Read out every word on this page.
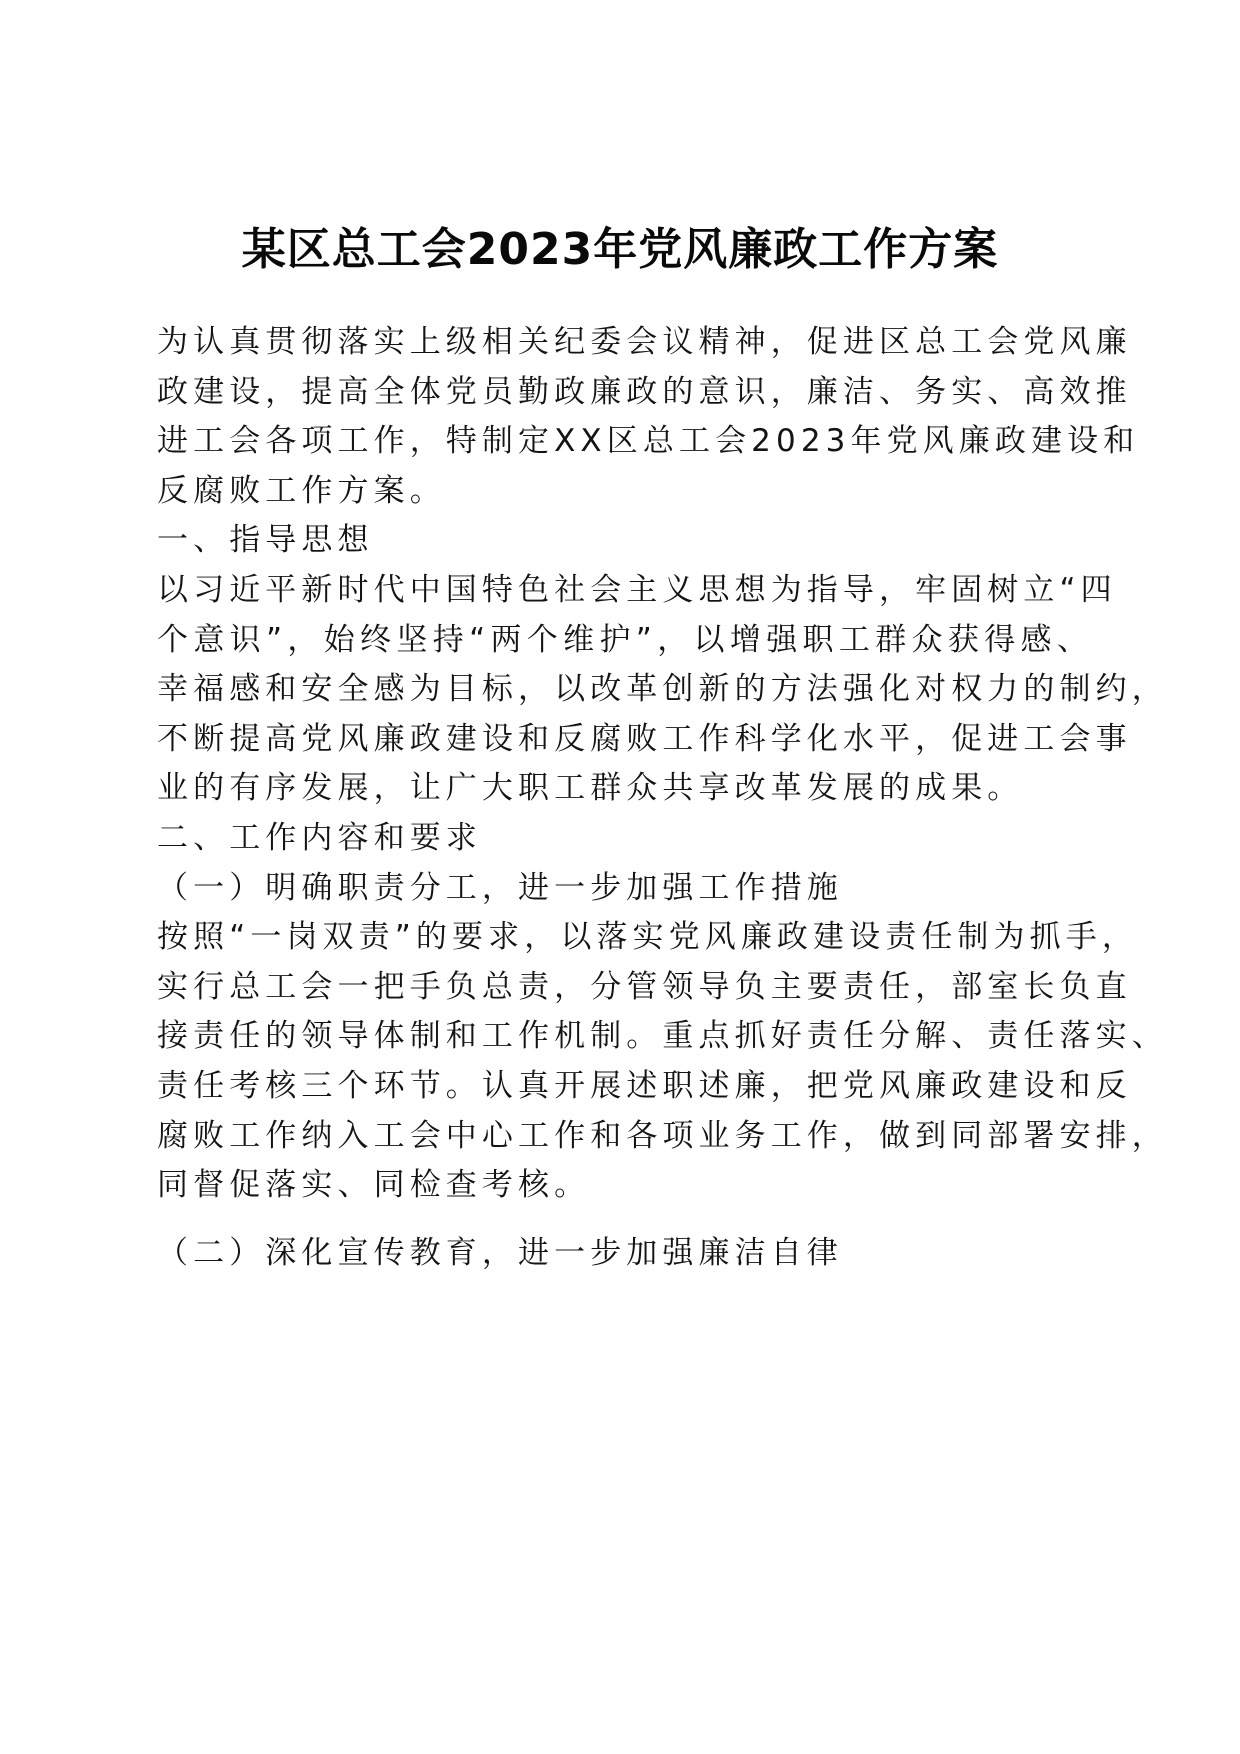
某区总工会2023年党风廉政工作方案
为认真贯彻落实上级相关纪委会议精神，促进区总工会党风廉
政建设，提高全体党员勤政廉政的意识，廉洁、务实、高效推
进工会各项工作，特制定XX区总工会2023年党风廉政建设和
反腐败工作方案。
一、指导思想
以习近平新时代中国特色社会主义思想为指导，牢固树立“四
个意识”，始终坚持“两个维护”，以增强职工群众获得感、
幸福感和安全感为目标，以改革创新的方法强化对权力的制约，
不断提高党风廉政建设和反腐败工作科学化水平，促进工会事
业的有序发展，让广大职工群众共享改革发展的成果。
二、工作内容和要求
（一）明确职责分工，进一步加强工作措施
按照“一岗双责”的要求，以落实党风廉政建设责任制为抓手，
实行总工会一把手负总责，分管领导负主要责任，部室长负直
接责任的领导体制和工作机制。重点抓好责任分解、责任落实、
责任考核三个环节。认真开展述职述廉，把党风廉政建设和反
腐败工作纳入工会中心工作和各项业务工作，做到同部署安排，
同督促落实、同检查考核。
（二）深化宣传教育，进一步加强廉洁自律
